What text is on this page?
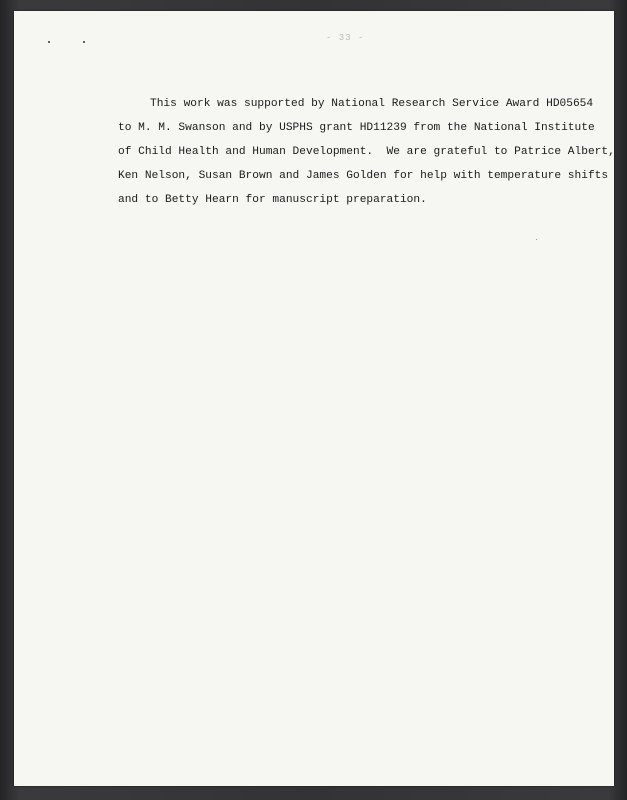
- 33 -
This work was supported by National Research Service Award HD05654
to M. M. Swanson and by USPHS grant HD11239 from the National Institute
of Child Health and Human Development.  We are grateful to Patrice Albert,
Ken Nelson, Susan Brown and James Golden for help with temperature shifts
and to Betty Hearn for manuscript preparation.
